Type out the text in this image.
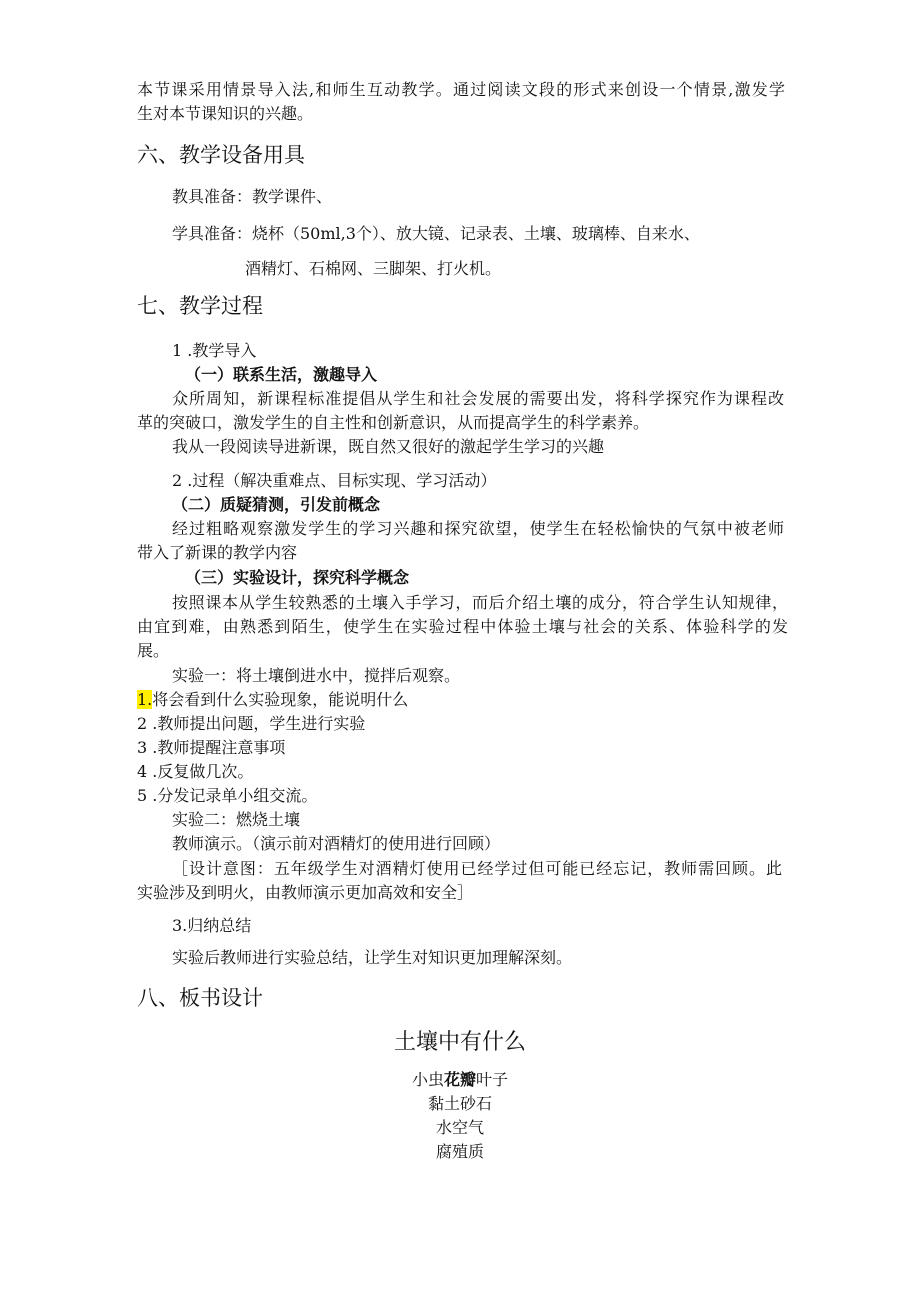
本节课采用情景导入法,和师生互动教学。通过阅读文段的形式来创设一个情景,激发学
生对本节课知识的兴趣。
六、教学设备用具
教具准备：教学课件、
学具准备：烧杯（50ml,3个）、放大镜、记录表、土壤、玻璃棒、自来水、
酒精灯、石棉网、三脚架、打火机。
七、教学过程
1 .教学导入
（一）联系生活，激趣导入
众所周知，新课程标准提倡从学生和社会发展的需要出发，将科学探究作为课程改
革的突破口，激发学生的自主性和创新意识，从而提高学生的科学素养。
我从一段阅读导进新课，既自然又很好的激起学生学习的兴趣
2 .过程（解决重难点、目标实现、学习活动）
（二）质疑猜测，引发前概念
经过粗略观察激发学生的学习兴趣和探究欲望，使学生在轻松愉快的气氛中被老师
带入了新课的教学内容
（三）实验设计，探究科学概念
按照课本从学生较熟悉的土壤入手学习，而后介绍土壤的成分，符合学生认知规律，
由宜到难，由熟悉到陌生，使学生在实验过程中体验土壤与社会的关系、体验科学的发
展。
实验一：将土壤倒进水中，搅拌后观察。
1.将会看到什么实验现象，能说明什么
2 .教师提出问题，学生进行实验
3 .教师提醒注意事项
4 .反复做几次。
5 .分发记录单小组交流。
实验二：燃烧土壤
教师演示。（演示前对酒精灯的使用进行回顾）
［设计意图：五年级学生对酒精灯使用已经学过但可能已经忘记，教师需回顾。此
实验涉及到明火，由教师演示更加高效和安全］
3.归纳总结
实验后教师进行实验总结，让学生对知识更加理解深刻。
八、板书设计
土壤中有什么
小虫花瓣叶子
黏土砂石
水空气
腐殖质
